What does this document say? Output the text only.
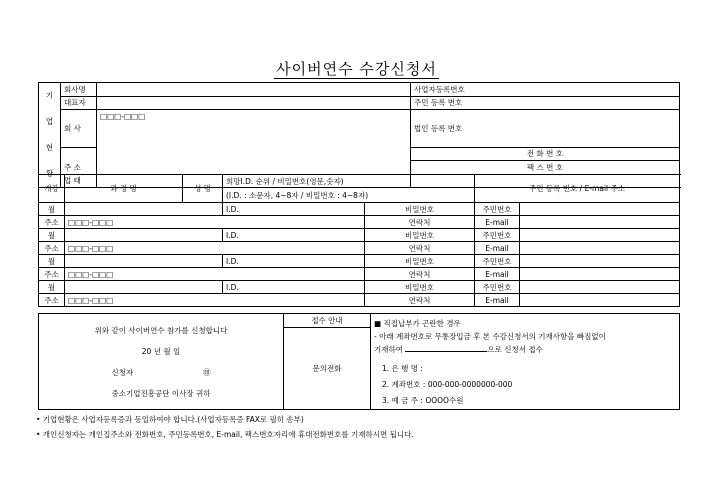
사이버연수 수강신청서
기
업
현
황	회사명		사업자등록번호	
	대표자		주민 등록 번호	
	회 사	□□□-□□□	법인 등록 번호	
			전 화 번 호	
	주 소		팩 스 번 호	
	업 태							
개강	과 정 명	성 명	희망I.D. 순위 / 비밀번호(영문,숫자)		주민 등록 번호 / E-mail 주소	
			(I.D. : 소문자, 4~8자 / 비밀번호 : 4~8자)			
월			I.D.	비밀번호	주민번호	
주소	□□□-□□□			연락처	E-mail	
월			I.D.	비밀번호	주민번호	
주소	□□□-□□□			연락처	E-mail	
월			I.D.	비밀번호	주민번호	
주소	□□□-□□□			연락처	E-mail	
월			I.D.	비밀번호	주민번호	
주소	□□□-□□□			연락처	E-mail	
위와 같이 사이버연수 참가를 신청합니다
20 년 월 일
신청자	㊞
중소기업진흥공단 이사장 귀하
	접수 안내	■ 직접납부가 곤란한 경우
- 아래 계좌번호로 무통장입금 후 본 수강신청서의 기재사항을 빠짐없이
기재하여	으로 신청서 접수
1. 은 행 명 :
2. 계좌번호 : 000-000-0000000-000
3. 예 금 주 : OOOO수원

문의전화
• 기업현황은 사업자등록증과 동일하여야 합니다.(사업자등록증 FAX로 필히 송부)
• 개인신청자는 개인집주소와 전화번호, 주민등록번호, E-mail, 팩스번호자리에 휴대전화번호를 기재하시면 됩니다.
